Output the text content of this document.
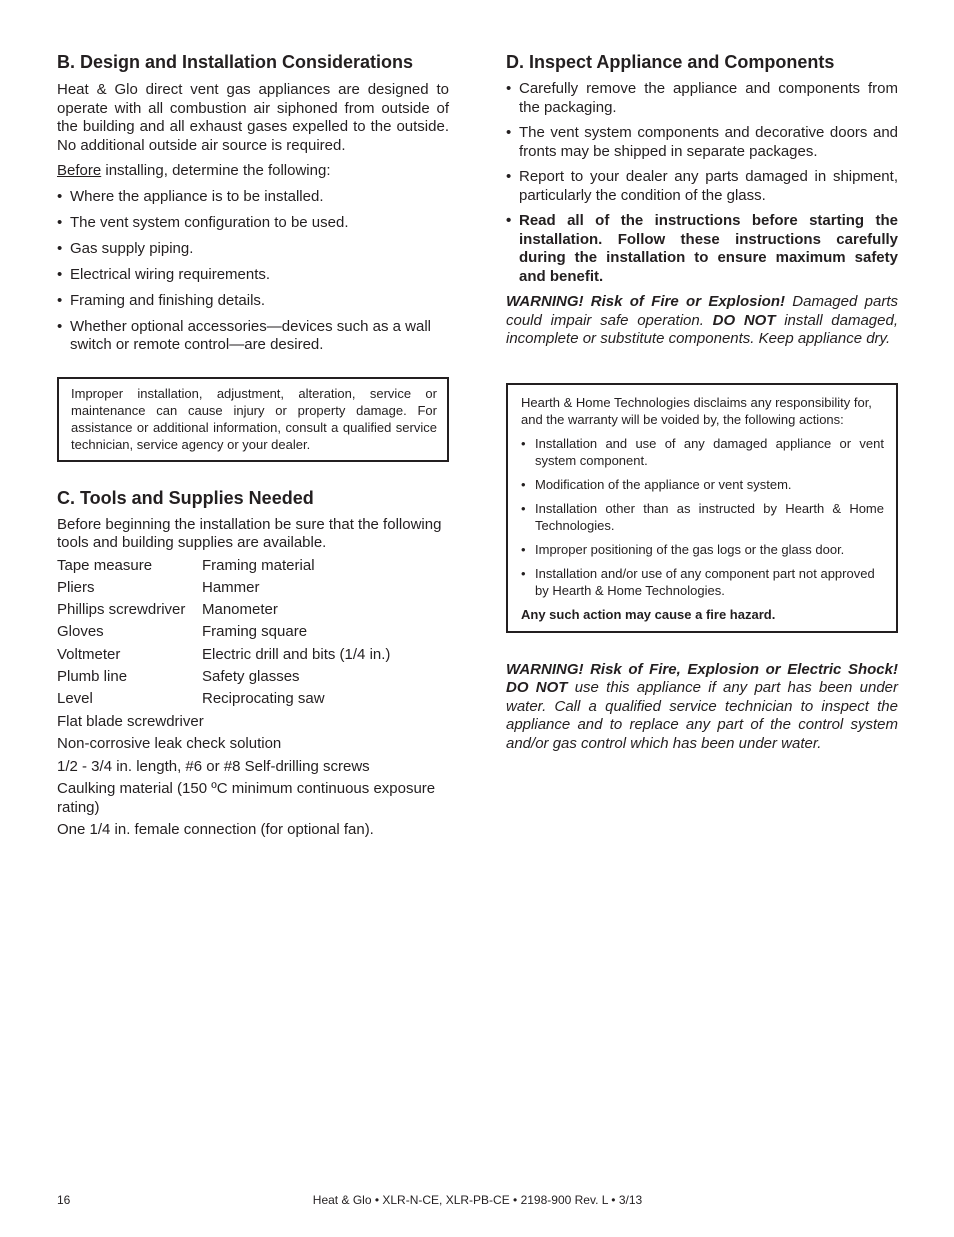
B. Design and Installation Considerations

Heat & Glo direct vent gas appliances are designed to operate with all combustion air siphoned from outside of the building and all exhaust gases expelled to the outside. No additional outside air source is required.

Before installing, determine the following:

• Where the appliance is to be installed.
• The vent system configuration to be used.
• Gas supply piping.
• Electrical wiring requirements.
• Framing and finishing details.
• Whether optional accessories—devices such as a wall switch or remote control—are desired.

Improper installation, adjustment, alteration, service or maintenance can cause injury or property damage. For assistance or additional information, consult a qualified service technician, service agency or your dealer.

C. Tools and Supplies Needed

Before beginning the installation be sure that the following tools and building supplies are available.

Tape measure	Framing material
Pliers	Hammer
Phillips screwdriver	Manometer
Gloves	Framing square
Voltmeter	Electric drill and bits (1/4 in.)
Plumb line	Safety glasses
Level	Reciprocating saw

Flat blade screwdriver

Non-corrosive leak check solution

1/2 - 3/4 in. length, #6 or #8 Self-drilling screws

Caulking material (150 ºC minimum continuous exposure rating)

One 1/4 in. female connection (for optional fan).

D. Inspect Appliance and Components
• Carefully remove the appliance and components from the packaging.
• The vent system components and decorative doors and fronts may be shipped in separate packages.
• Report to your dealer any parts damaged in shipment, particularly the condition of the glass.
• Read all of the instructions before starting the installation. Follow these instructions carefully during the installation to ensure maximum safety and benefit.

WARNING! Risk of Fire or Explosion! Damaged parts could impair safe operation. DO NOT install damaged, incomplete or substitute components. Keep appliance dry.

Hearth & Home Technologies disclaims any responsibility for, and the warranty will be voided by, the following actions:

• Installation and use of any damaged appliance or vent system component.
• Modification of the appliance or vent system.
• Installation other than as instructed by Hearth & Home Technologies.
• Improper positioning of the gas logs or the glass door.
• Installation and/or use of any component part not approved by Hearth & Home Technologies.

Any such action may cause a fire hazard.

WARNING! Risk of Fire, Explosion or Electric Shock! DO NOT use this appliance if any part has been under water. Call a qualified service technician to inspect the appliance and to replace any part of the control system and/or gas control which has been under water.

16	Heat & Glo • XLR-N-CE, XLR-PB-CE • 2198-900 Rev. L • 3/13
